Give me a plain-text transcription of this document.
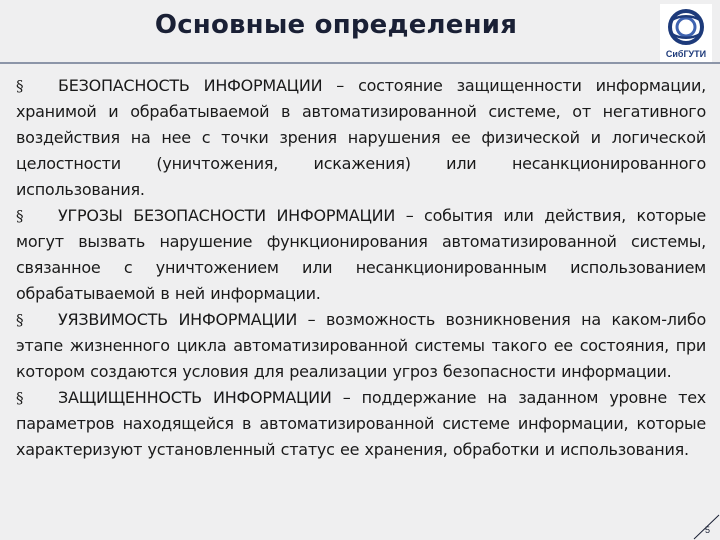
Основные определения
СибГУТИ

§ БЕЗОПАСНОСТЬ ИНФОРМАЦИИ – состояние защищенности информации, хранимой и обрабатываемой в автоматизированной системе, от негативного воздействия на нее с точки зрения нарушения ее физической и логической целостности (уничтожения, искажения) или несанкционированного использования.

§ УГРОЗЫ БЕЗОПАСНОСТИ ИНФОРМАЦИИ – события или действия, которые могут вызвать нарушение функционирования автоматизированной системы, связанное с уничтожением или несанкционированным использованием обрабатываемой в ней информации.

§ УЯЗВИМОСТЬ ИНФОРМАЦИИ – возможность возникновения на каком-либо этапе жизненного цикла автоматизированной системы такого ее состояния, при котором создаются условия для реализации угроз безопасности информации.

§ ЗАЩИЩЕННОСТЬ ИНФОРМАЦИИ – поддержание на заданном уровне тех параметров находящейся в автоматизированной системе информации, которые характеризуют установленный статус ее хранения, обработки и использования.

5
